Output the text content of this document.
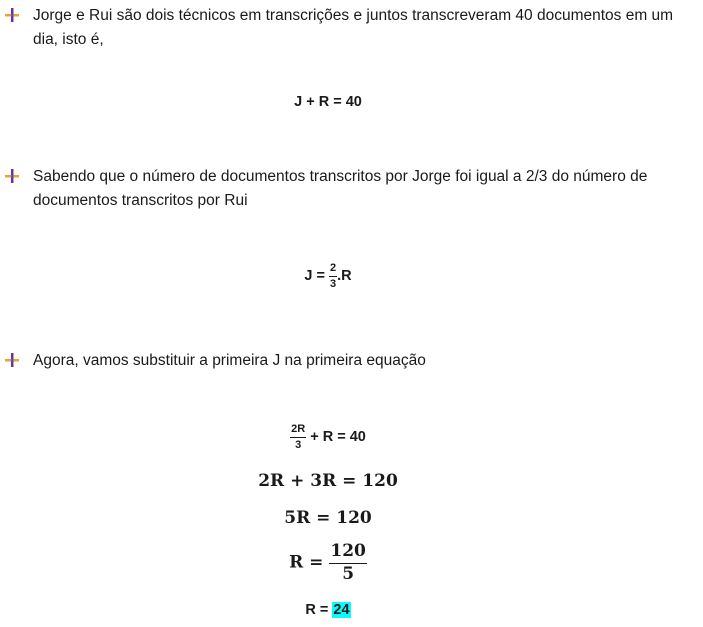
Jorge e Rui são dois técnicos em transcrições e juntos transcreveram 40 documentos em um dia, isto é,
J + R = 40
Sabendo que o número de documentos transcritos por Jorge foi igual a 2/3 do número de documentos transcritos por Rui
$J = \frac{2}{3} .R$
Agora, vamos substituir a primeira J na primeira equação
$\frac{2R}{3} + R = 40$
2R + 3R = 120
5R = 120
$R = \frac{120}{5}$
R = 24
